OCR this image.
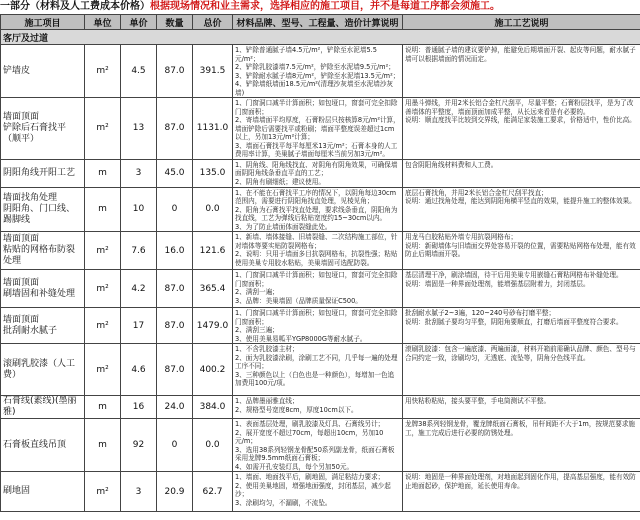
一部分（材料及人工费成本价格）根据现场情况和业主需求，选择相应的施工项目，并不是每道工序都会须施工。
施工项目	单位	单价	数量	总价	材料品牌、型号、工程量、造价计算说明	施工工艺说明
客厅及过道						
铲墙皮	m²	4.5	87.0	391.5	1、铲除普通腻子墙4.5元/m²，铲除至水泥墙5.5元/m²；
2、铲除乳胶漆墙7.5元/m²，铲除至水泥墙9.5元/m²；
3、铲除耐水腻子墙8元/m²，铲除至水泥墙13.5元/m²；
4、铲除墙纸墙面18.5元/m²(清理沙灰墙至水泥墙沙灰墙)	说明：普通腻子墙的建议要铲掉，能避免后期墙面开裂、起皮等问题，耐水腻子墙可以根据墙面的情况而定。
墙面顶面
铲除后石膏找平（顺平）	m²	13	87.0	1131.0	1、门窗洞口减半计算面积；如包垭口，窗套可完全扣除门窗面积；
2、寄墙墙面平均厚度，石膏粉层只按核算8元/m²计算，墙面铲除后需要找平或粉刷；墙面平整度误差超过1cm以上，另加13元/m²计算；
3、墙面石膏找平每平每厘米13元/m²；石膏本身的人工费用率计算，美巢腻子墙面每厘米当前另加3元/m²。	用墨斗弹线，并用2米长铝合金杠尺刮平，尽量平整；石膏粉层找平，是为了改善墙体的平整度，墙面顶面加成平整，从长远来看是有必要的。
说明：顺直度找平比较到交界线，能满足家装施工要求，价格适中，性价比高。
阴阳角线开阳工艺	m	3	45.0	135.0	1、阴角线、阳角线找直、对阴角有阴角效果，可确保墙面阴阳角线条垂直平直的工艺；
2、阴角有刷细纸；建议使用。	包含阴阳角线材料费和人工费。
墙面找角处理
阴阳角、门口线、踢脚线	m	10	0	0.0	1、在不能在石膏找平工序的情况下，以阴角每边30cm范围内，需要进行阴阳角找直处理，见棱见角；
2、阳角为石膏找平找直处理，要求线条垂直，阴阳角为找直线，工艺为弹线后粘贴宽度约15~30cm以内。
3、为了防止墙面体面裂缝此处。	底层石膏找角，并用2米长铝合金杠尺刮平找直；
说明：通过找角处理，能达到阴阳角横平竖直的效果，能提升施工的整体效果。
墙面顶面
粘贴的网格布防裂处理	m²	7.6	16.0	121.6	1、新墙、墙体接缝、旧墙裂缝、二次结构施工部位，针对墙体等要实贴防裂网格布；
2、说明：只用于墙面多目抗裂网格布，抗裂性强；粘贴使用美巢专用胶水粘贴，美巢墙固可选配防裂。	用龙马白胶粘贴外墙专用抗裂网格布；
说明：新砌墙体与旧墙面交界处容易开裂的位置，需要粘贴网格布处理，能有效防止后期墙面开裂。
墙面顶面
刷墙固和补缝处理	m²	4.2	87.0	365.4	1、门窗洞口减半计算面积；如包垭口，窗套可完全扣除门窗面积；
2、满刮一遍；
3、品牌：美巢墙固（品牌质量保证C500。	基层清理干净，刷涂墙固，待干后用美巢专用嵌缝石膏粘网格布补缝处理。
说明：墙固是一种界面处理剂，能增强基层附着力，封闭基层。
墙面顶面
批刮耐水腻子	m²	17	87.0	1479.0	1、门窗洞口减半计算面积；如包垭口，窗套可完全扣除门窗面积；
2、满刮三遍；
3、使用美巢易呱平YGP8000G等耐水腻子。	批刮耐水腻子2~3遍，120~240号砂布打磨平整；
说明：批刮腻子要均匀平整，阴阳角要顺直，打磨后墙面平整度符合要求。
滚刷乳胶漆（人工费）	m²	4.6	87.0	400.2	1、不含乳胶漆主材；
2、面为乳胶漆涂刷，涂刷工艺不同，几乎每一遍的处理工序不同；
3、三种颜色以上（白色也是一种颜色），每增加一色追加费用100元/项。	滚刷乳胶漆：包含一遍底漆、两遍面漆，材料开箱前需确认品牌、颜色、型号与合同约定一致，涂刷均匀，无透底、流坠等，阴角分色线平直。
石膏线(素线)(墨丽雅)	m	16	24.0	384.0	1、品牌墨丽雅直线；
2、规格型号宽度8cm，厚度10cm以下。	用快粘粉粘贴，接头要平整，手电筒测试不平整。
石膏板直线吊顶	m	92	0	0.0	1、表面基层处理，刷乳胶漆及灯具、石膏线另计；
2、展开宽度不超过70cm，每超出10cm，另加10元/m；
3、选用38系列轻钢龙骨配50系列副龙骨，纸面石膏板采用龙牌9.5mm纸面石膏板；
4、如需开孔安装灯具，每个另加50元。	龙牌38系列轻钢龙骨，覆龙牌纸面石膏板，吊杆间距不大于1m，按规范要求施工，施工完成后进行必要的防锈处理。
刷地固	m²	3	20.9	62.7	1、墙面、地面找平后，刷地固，满足粘结力要求；
2、使用美巢地固，增强地面强度，封闭基层，减少起沙；
3、涂刷均匀，不漏刷，不流坠。	说明：地固是一种界面处理剂，对地面起到固化作用，提高基层强度，能有效防止地面起砂，保护地面，延长使用寿命。
